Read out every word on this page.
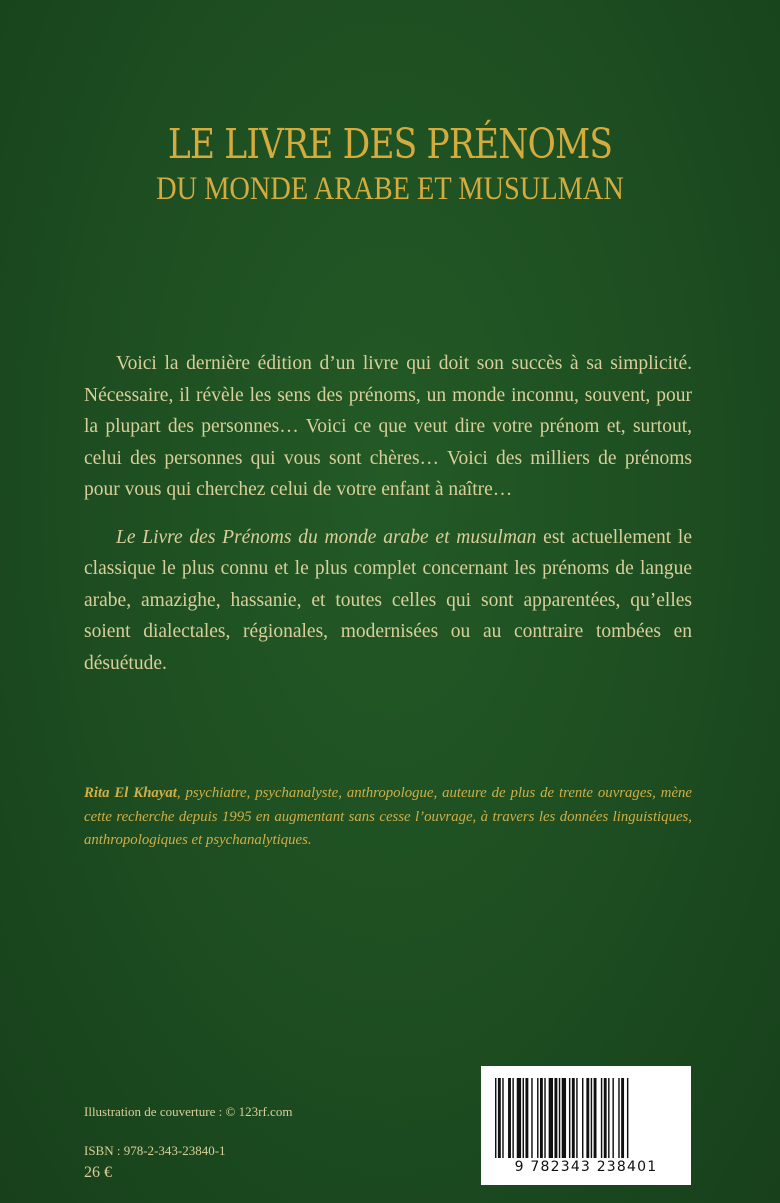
LE LIVRE DES PRÉNOMS
DU MONDE ARABE ET MUSULMAN

Voici la dernière édition d’un livre qui doit son succès à sa simplicité. Nécessaire, il révèle les sens des prénoms, un monde inconnu, souvent, pour la plupart des personnes… Voici ce que veut dire votre prénom et, surtout, celui des personnes qui vous sont chères… Voici des milliers de prénoms pour vous qui cherchez celui de votre enfant à naître…

Le Livre des Prénoms du monde arabe et musulman est actuellement le classique le plus connu et le plus complet concernant les prénoms de langue arabe, amazighe, hassanie, et toutes celles qui sont apparentées, qu’elles soient dialectales, régionales, modernisées ou au contraire tombées en désuétude.

Rita El Khayat, psychiatre, psychanalyste, anthropologue, auteure de plus de trente ouvrages, mène cette recherche depuis 1995 en augmentant sans cesse l’ouvrage, à travers les données linguistiques, anthropologiques et psychanalytiques.
Illustration de couverture : © 123rf.com
ISBN : 978-2-343-23840-1
26 €	9 782343 238401
